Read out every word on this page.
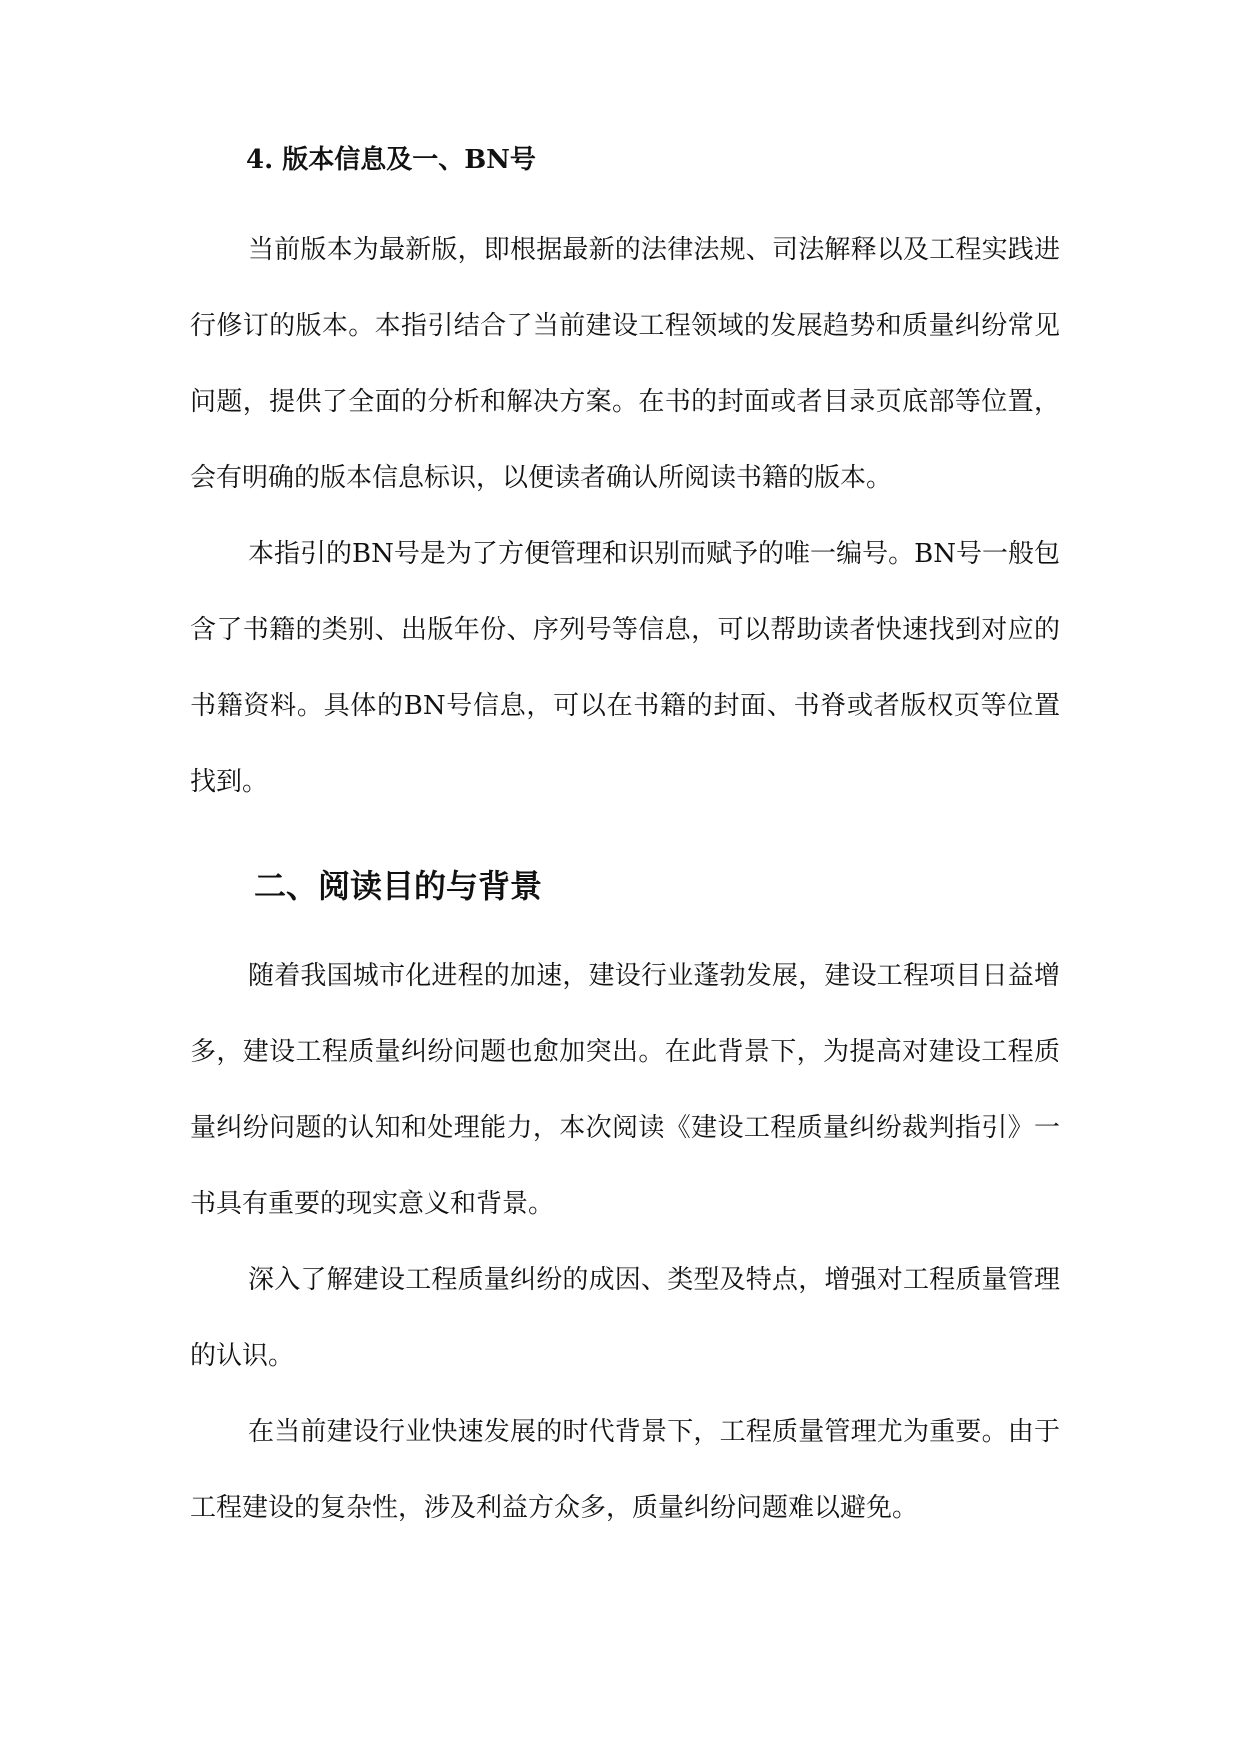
4. 版本信息及一、BN号

当前版本为最新版，即根据最新的法律法规、司法解释以及工程实践进行修订的版本。本指引结合了当前建设工程领域的发展趋势和质量纠纷常见问题，提供了全面的分析和解决方案。在书的封面或者目录页底部等位置，会有明确的版本信息标识，以便读者确认所阅读书籍的版本。

本指引的BN号是为了方便管理和识别而赋予的唯一编号。BN号一般包含了书籍的类别、出版年份、序列号等信息，可以帮助读者快速找到对应的书籍资料。具体的BN号信息，可以在书籍的封面、书脊或者版权页等位置找到。

二、阅读目的与背景

随着我国城市化进程的加速，建设行业蓬勃发展，建设工程项目日益增多，建设工程质量纠纷问题也愈加突出。在此背景下，为提高对建设工程质量纠纷问题的认知和处理能力，本次阅读《建设工程质量纠纷裁判指引》一书具有重要的现实意义和背景。

深入了解建设工程质量纠纷的成因、类型及特点，增强对工程质量管理的认识。

在当前建设行业快速发展的时代背景下，工程质量管理尤为重要。由于工程建设的复杂性，涉及利益方众多，质量纠纷问题难以避免。
